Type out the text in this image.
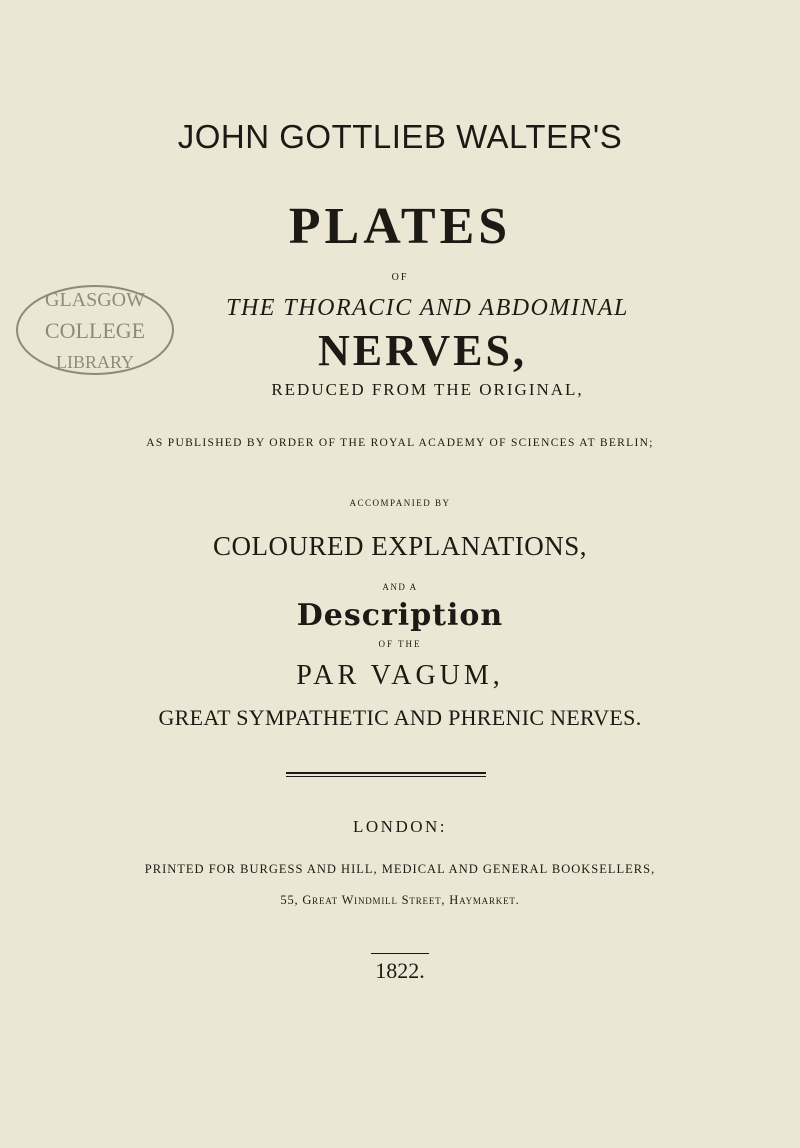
GLASGOW
COLLEGE
LIBRARY
JOHN GOTTLIEB WALTER'S
PLATES
OF
THE THORACIC AND ABDOMINAL
NERVES,
REDUCED FROM THE ORIGINAL,
AS PUBLISHED BY ORDER OF THE ROYAL ACADEMY OF SCIENCES AT BERLIN;
ACCOMPANIED BY
COLOURED EXPLANATIONS,
AND A
Description
OF THE
PAR VAGUM,
GREAT SYMPATHETIC AND PHRENIC NERVES.
LONDON:
PRINTED FOR BURGESS AND HILL, MEDICAL AND GENERAL BOOKSELLERS,
55, Great Windmill Street, Haymarket.
1822.
